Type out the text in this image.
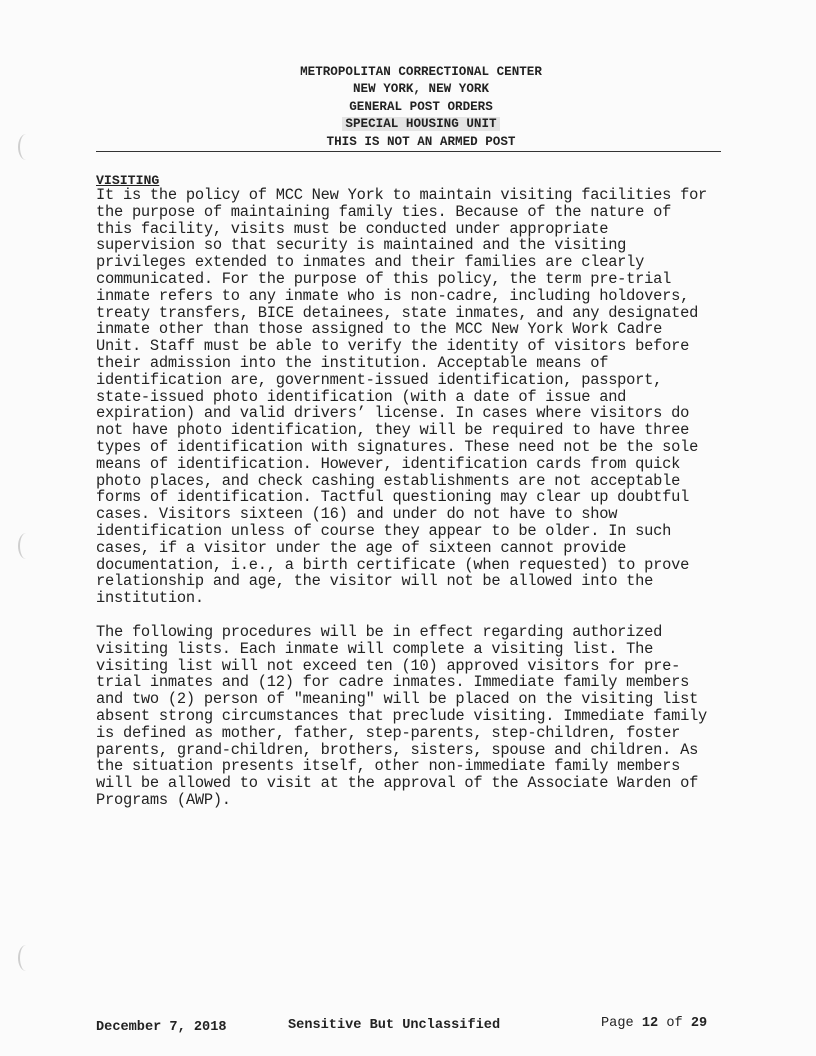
METROPOLITAN CORRECTIONAL CENTER
NEW YORK, NEW YORK
GENERAL POST ORDERS
SPECIAL HOUSING UNIT
THIS IS NOT AN ARMED POST
VISITING
It is the policy of MCC New York to maintain visiting facilities for
the purpose of maintaining family ties. Because of the nature of
this facility, visits must be conducted under appropriate
supervision so that security is maintained and the visiting
privileges extended to inmates and their families are clearly
communicated. For the purpose of this policy, the term pre-trial
inmate refers to any inmate who is non-cadre, including holdovers,
treaty transfers, BICE detainees, state inmates, and any designated
inmate other than those assigned to the MCC New York Work Cadre
Unit. Staff must be able to verify the identity of visitors before
their admission into the institution. Acceptable means of
identification are, government-issued identification, passport,
state-issued photo identification (with a date of issue and
expiration) and valid drivers’ license. In cases where visitors do
not have photo identification, they will be required to have three
types of identification with signatures. These need not be the sole
means of identification. However, identification cards from quick
photo places, and check cashing establishments are not acceptable
forms of identification. Tactful questioning may clear up doubtful
cases. Visitors sixteen (16) and under do not have to show
identification unless of course they appear to be older. In such
cases, if a visitor under the age of sixteen cannot provide
documentation, i.e., a birth certificate (when requested) to prove
relationship and age, the visitor will not be allowed into the
institution.
The following procedures will be in effect regarding authorized
visiting lists. Each inmate will complete a visiting list. The
visiting list will not exceed ten (10) approved visitors for pre-
trial inmates and (12) for cadre inmates. Immediate family members
and two (2) person of "meaning" will be placed on the visiting list
absent strong circumstances that preclude visiting. Immediate family
is defined as mother, father, step-parents, step-children, foster
parents, grand-children, brothers, sisters, spouse and children. As
the situation presents itself, other non-immediate family members
will be allowed to visit at the approval of the Associate Warden of
Programs (AWP).
December 7, 2018	Sensitive But Unclassified	Page 12 of 29
